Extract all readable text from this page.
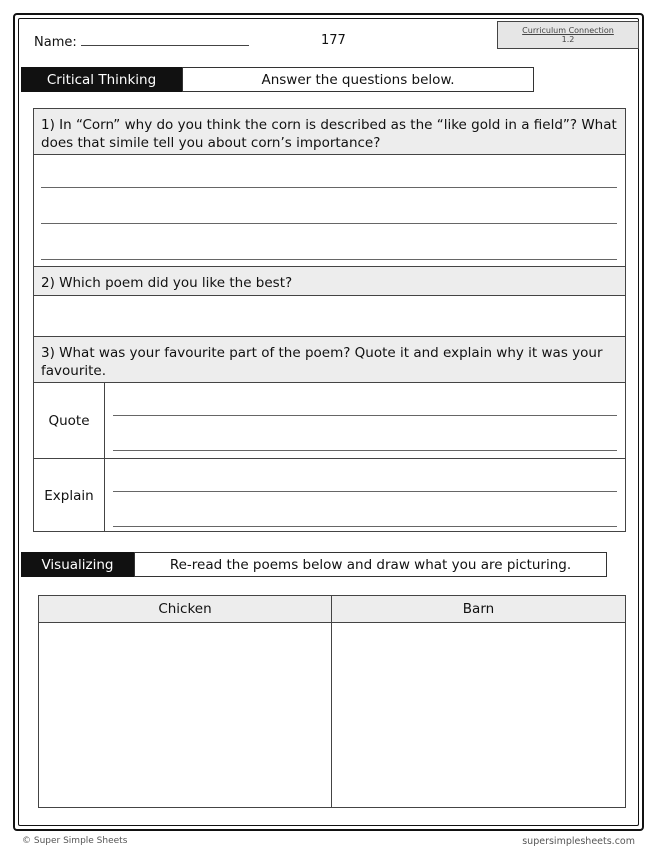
Name:	177
Curriculum Connection
1.2
Critical Thinking	Answer the questions below.
1) In “Corn” why do you think the corn is described as the “like gold in a field”? What does that simile tell you about corn’s importance?
2) Which poem did you like the best?
3) What was your favourite part of the poem? Quote it and explain why it was your favourite.
Quote
Explain
Visualizing	Re-read the poems below and draw what you are picturing.
Chicken	Barn
© Super Simple Sheets	supersimplesheets.com
